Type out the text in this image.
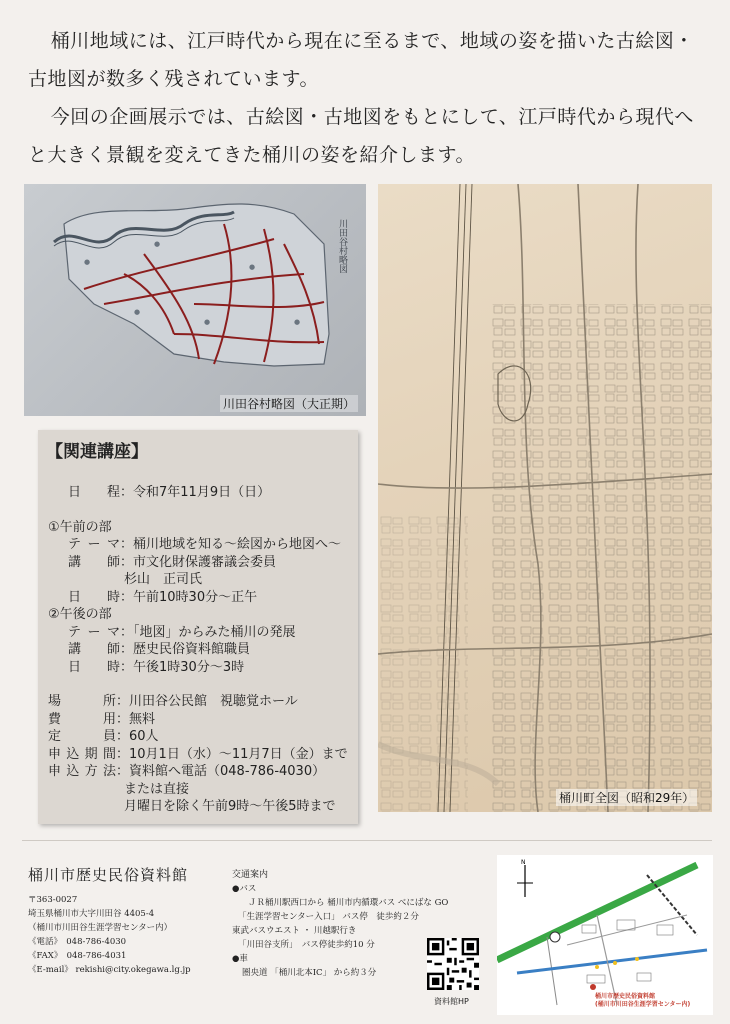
桶川地域には、江戸時代から現在に至るまで、地域の姿を描いた古絵図・古地図が数多く残されています。

今回の企画展示では、古絵図・古地図をもとにして、江戸時代から現代へと大きく景観を変えてきた桶川の姿を紹介します。

●
●
●
●	●
●
川田谷村略図
川田谷村略図（大正期）
桶川町全図（昭和29年）
【関連講座】
日　　程 ：令和7年11月9日（日）
①午前の部
テーマ ：桶川地域を知る～絵図から地図へ～
講　師 ：市文化財保護審議会委員
杉山　正司氏
日　時 ：午前10時30分～正午
②午後の部
テーマ ：「地図」からみた桶川の発展
講　師 ：歴史民俗資料館職員
日　時 ：午後1時30分～3時
場　　所 ：川田谷公民館　視聴覚ホール
費　　用 ：無料
定　　員 ：60人
申込期間 ：10月1日（水）～11月7日（金）まで
申込方法 ：資料館へ電話（048-786-4030）
または直接
月曜日を除く午前9時～午後5時まで
桶川市歴史民俗資料館
〒363-0027
埼玉県桶川市大字川田谷 4405-4
（桶川市川田谷生涯学習センター内）
《電話》　048-786-4030
《FAX》　048-786-4031
《E-mail》 rekishi@city.okegawa.lg.jp
交通案内
●バス
ＪＲ桶川駅西口から 桶川市内循環バス べにばな GO
「生涯学習センター入口」 バス停　徒歩約２分
東武バスウエスト ・ 川越駅行き
「川田谷支所」　バス停徒歩約10 分
●車
圏央道 「桶川北本IC」 から約３分
資料館HP
N
桶川市歴史民俗資料館
(桶川市川田谷生涯学習センター内)
